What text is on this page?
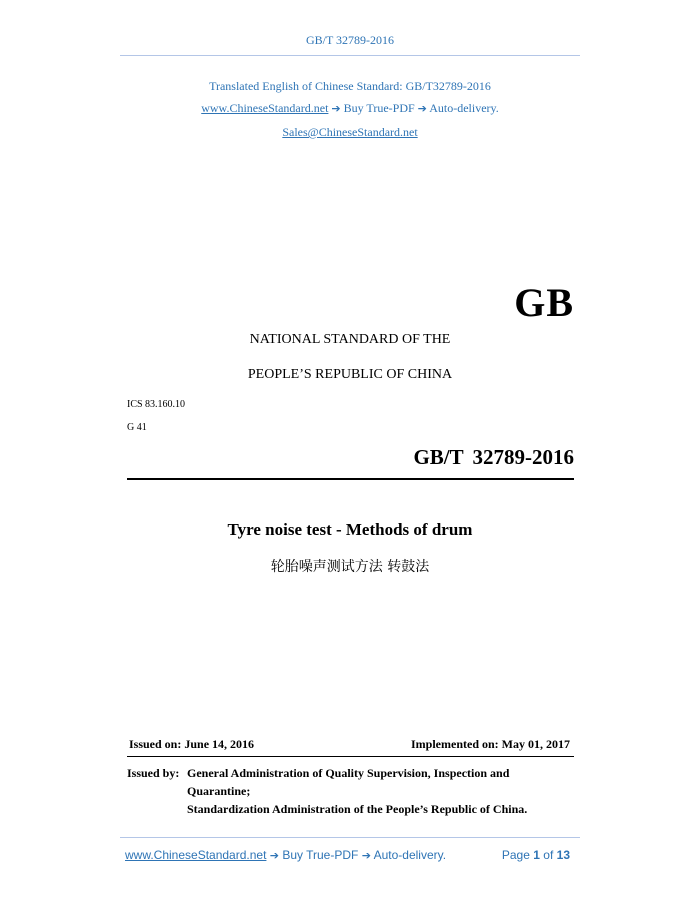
GB/T 32789-2016
Translated English of Chinese Standard: GB/T32789-2016
www.ChineseStandard.net ➔ Buy True-PDF ➔ Auto-delivery.
Sales@ChineseStandard.net
GB
NATIONAL STANDARD OF THE
PEOPLE’S REPUBLIC OF CHINA
ICS 83.160.10
G 41
GB/T 32789-2016
Tyre noise test - Methods of drum
轮胎噪声测试方法 转鼓法
Issued on: June 14, 2016	Implemented on: May 01, 2017
Issued by: General Administration of Quality Supervision, Inspection and
Quarantine;
Standardization Administration of the People’s Republic of China.
www.ChineseStandard.net ➔ Buy True-PDF ➔ Auto-delivery.	Page 1 of 13
